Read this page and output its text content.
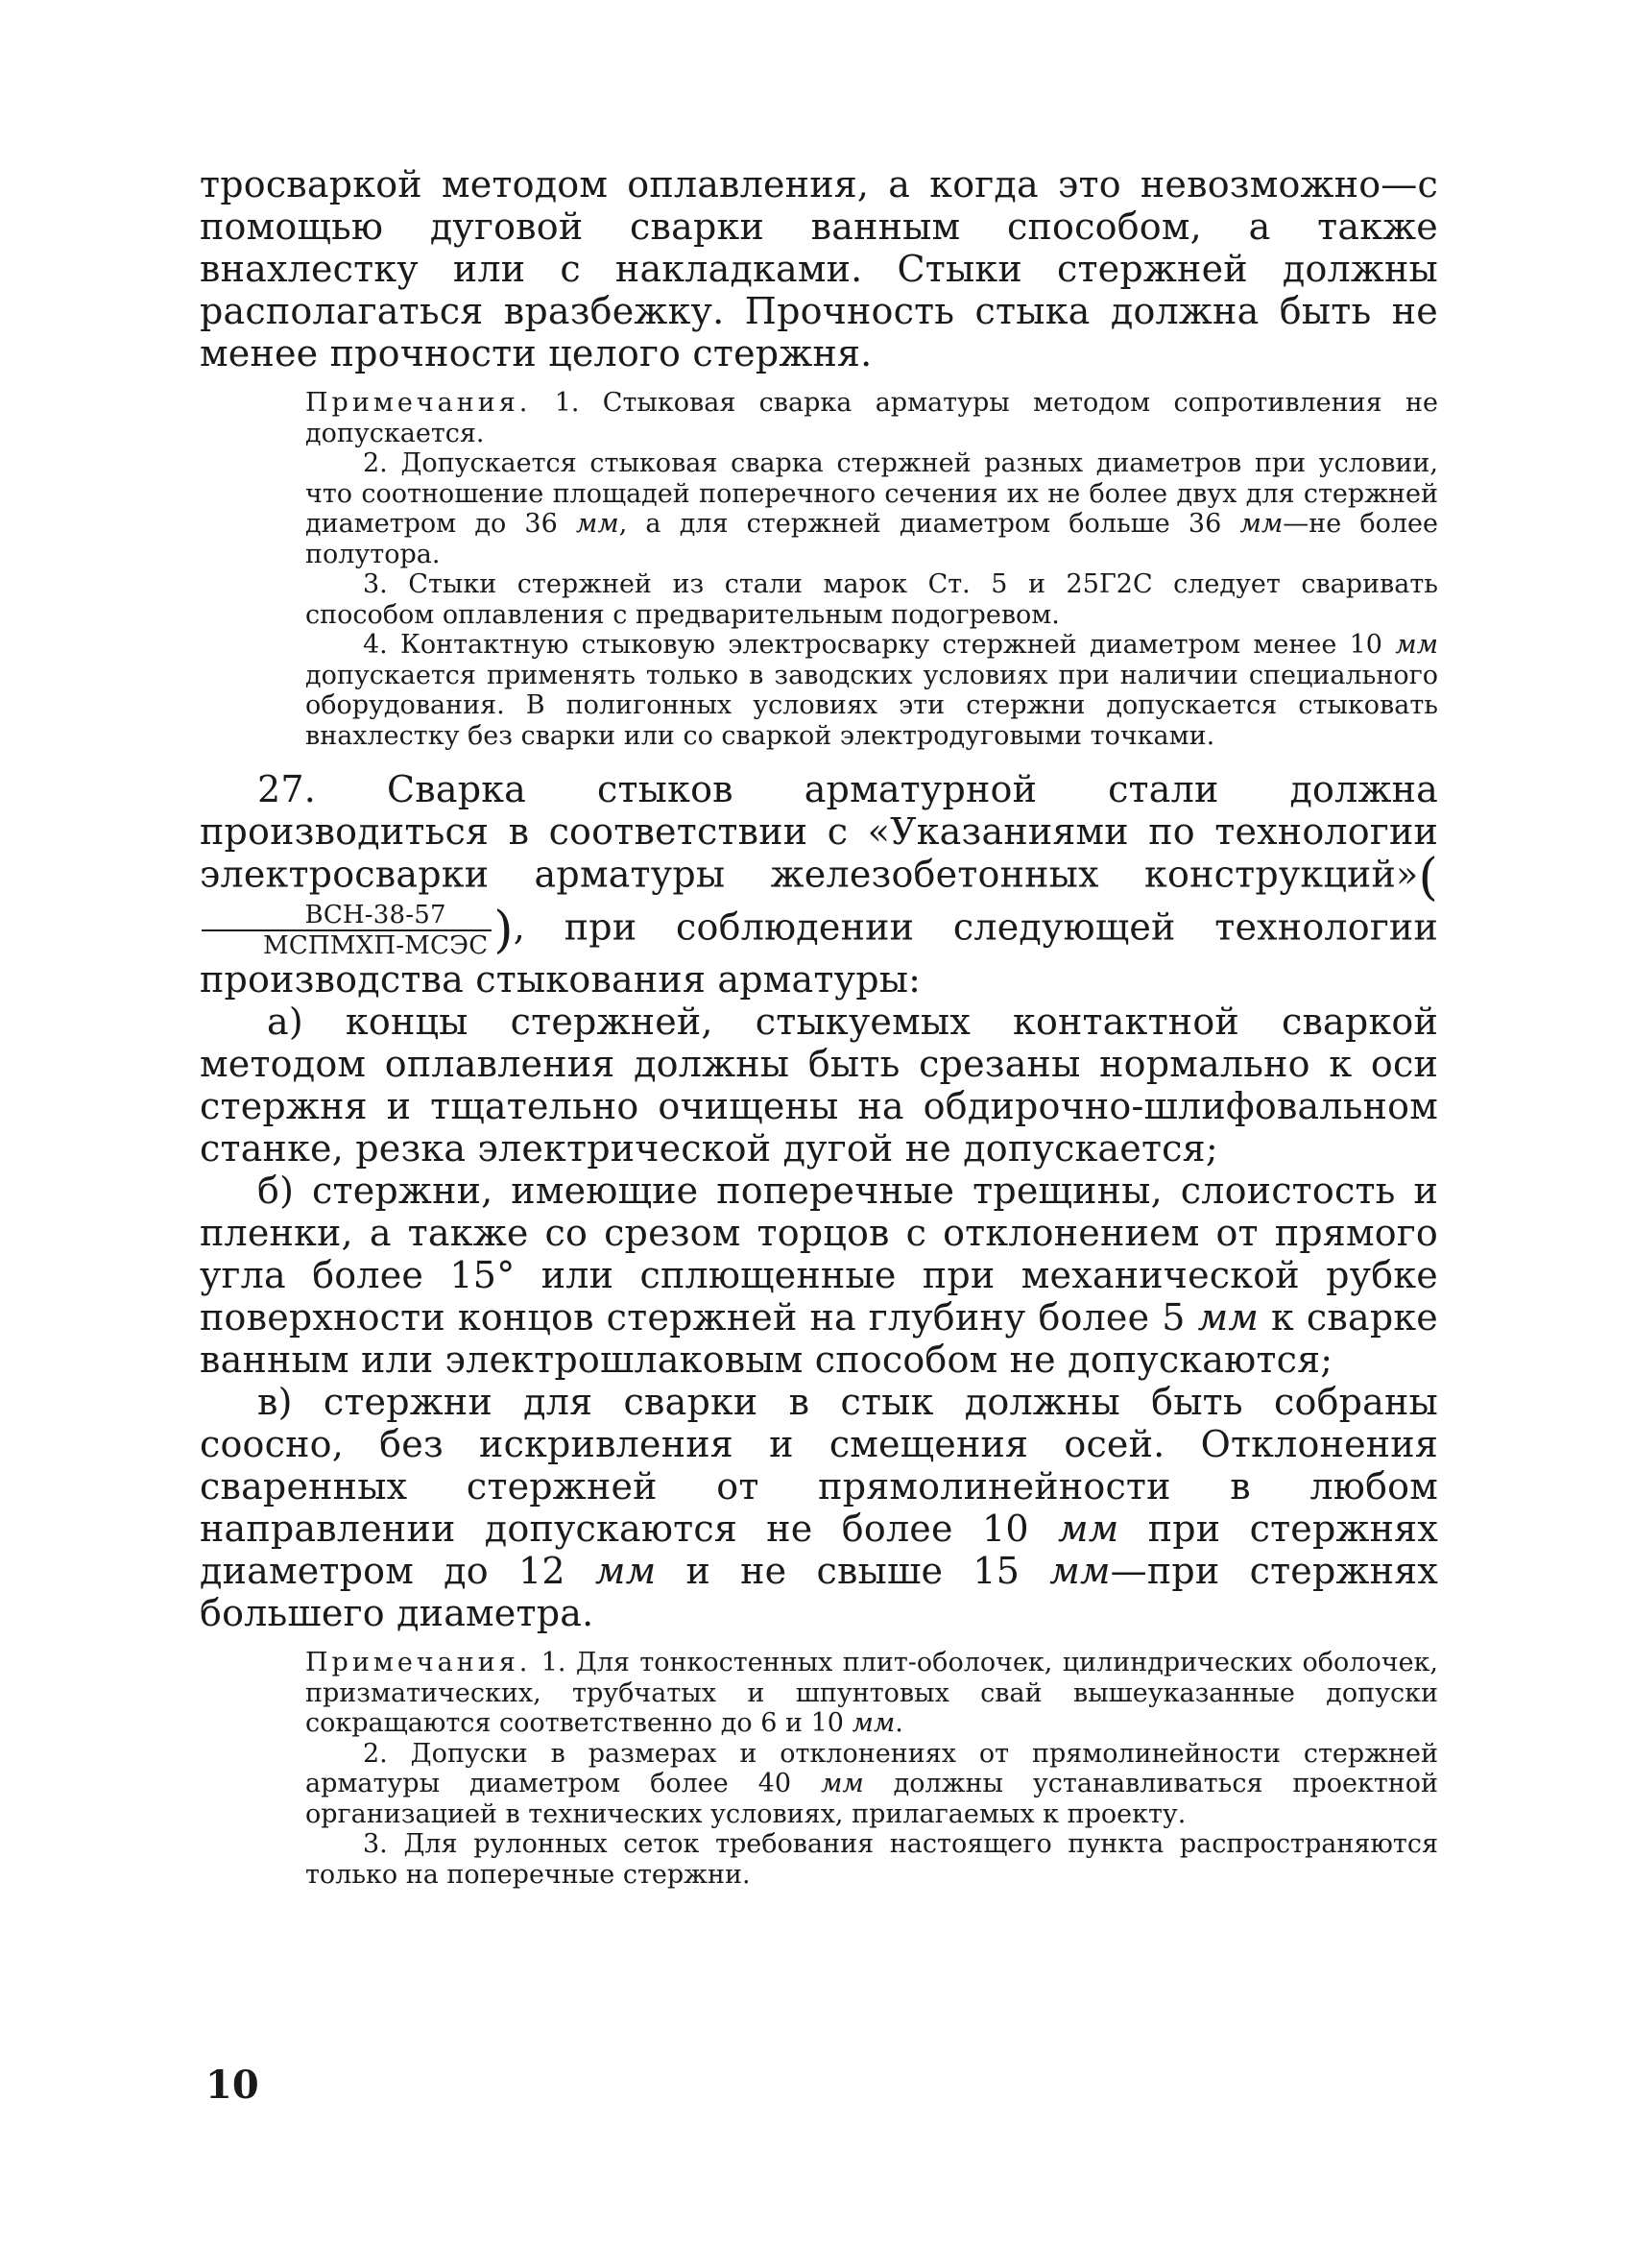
тросваркой методом оплавления, а когда это невозможно—с помощью дуговой сварки ванным способом, а также внахлестку или с накладками. Стыки стержней должны располагаться вразбежку. Прочность стыка должна быть не менее прочности целого стержня.

Примечания. 1. Стыковая сварка арматуры методом сопротивления не допускается.

2. Допускается стыковая сварка стержней разных диаметров при условии, что соотношение площадей поперечного сечения их не более двух для стержней диаметром до 36 мм, а для стержней диаметром больше 36 мм—не более полутора.

3. Стыки стержней из стали марок Ст. 5 и 25Г2С следует сваривать способом оплавления с предварительным подогревом.

4. Контактную стыковую электросварку стержней диаметром менее 10 мм допускается применять только в заводских условиях при наличии специального оборудования. В полигонных условиях эти стержни допускается стыковать внахлестку без сварки или со сваркой электродуговыми точками.

27. Сварка стыков арматурной стали должна производиться в соответствии с «Указаниями по технологии электросварки арматуры железобетонных конструкций»(
$\frac{\text{ВСН-38-57}}{\text{МСПМХП-МСЭС}}$ ), при соблюдении следующей технологии производства стыкования арматуры:

а) концы стержней, стыкуемых контактной сваркой методом оплавления должны быть срезаны нормально к оси стержня и тщательно очищены на обдирочно-шлифовальном станке, резка электрической дугой не допускается;

б) стержни, имеющие поперечные трещины, слоистость и пленки, а также со срезом торцов с отклонением от прямого угла более 15° или сплющенные при механической рубке поверхности концов стержней на глубину более 5 мм к сварке ванным или электрошлаковым способом не допускаются;

в) стержни для сварки в стык должны быть собраны соосно, без искривления и смещения осей. Отклонения сваренных стержней от прямолинейности в любом направлении допускаются не более 10 мм при стержнях диаметром до 12 мм и не свыше 15 мм—при стержнях большего диаметра.

Примечания. 1. Для тонкостенных плит-оболочек, цилиндрических оболочек, призматических, трубчатых и шпунтовых свай вышеуказанные допуски сокращаются соответственно до 6 и 10 мм.

2. Допуски в размерах и отклонениях от прямолинейности стержней арматуры диаметром более 40 мм должны устанавливаться проектной организацией в технических условиях, прилагаемых к проекту.

3. Для рулонных сеток требования настоящего пункта распространяются только на поперечные стержни.

10
